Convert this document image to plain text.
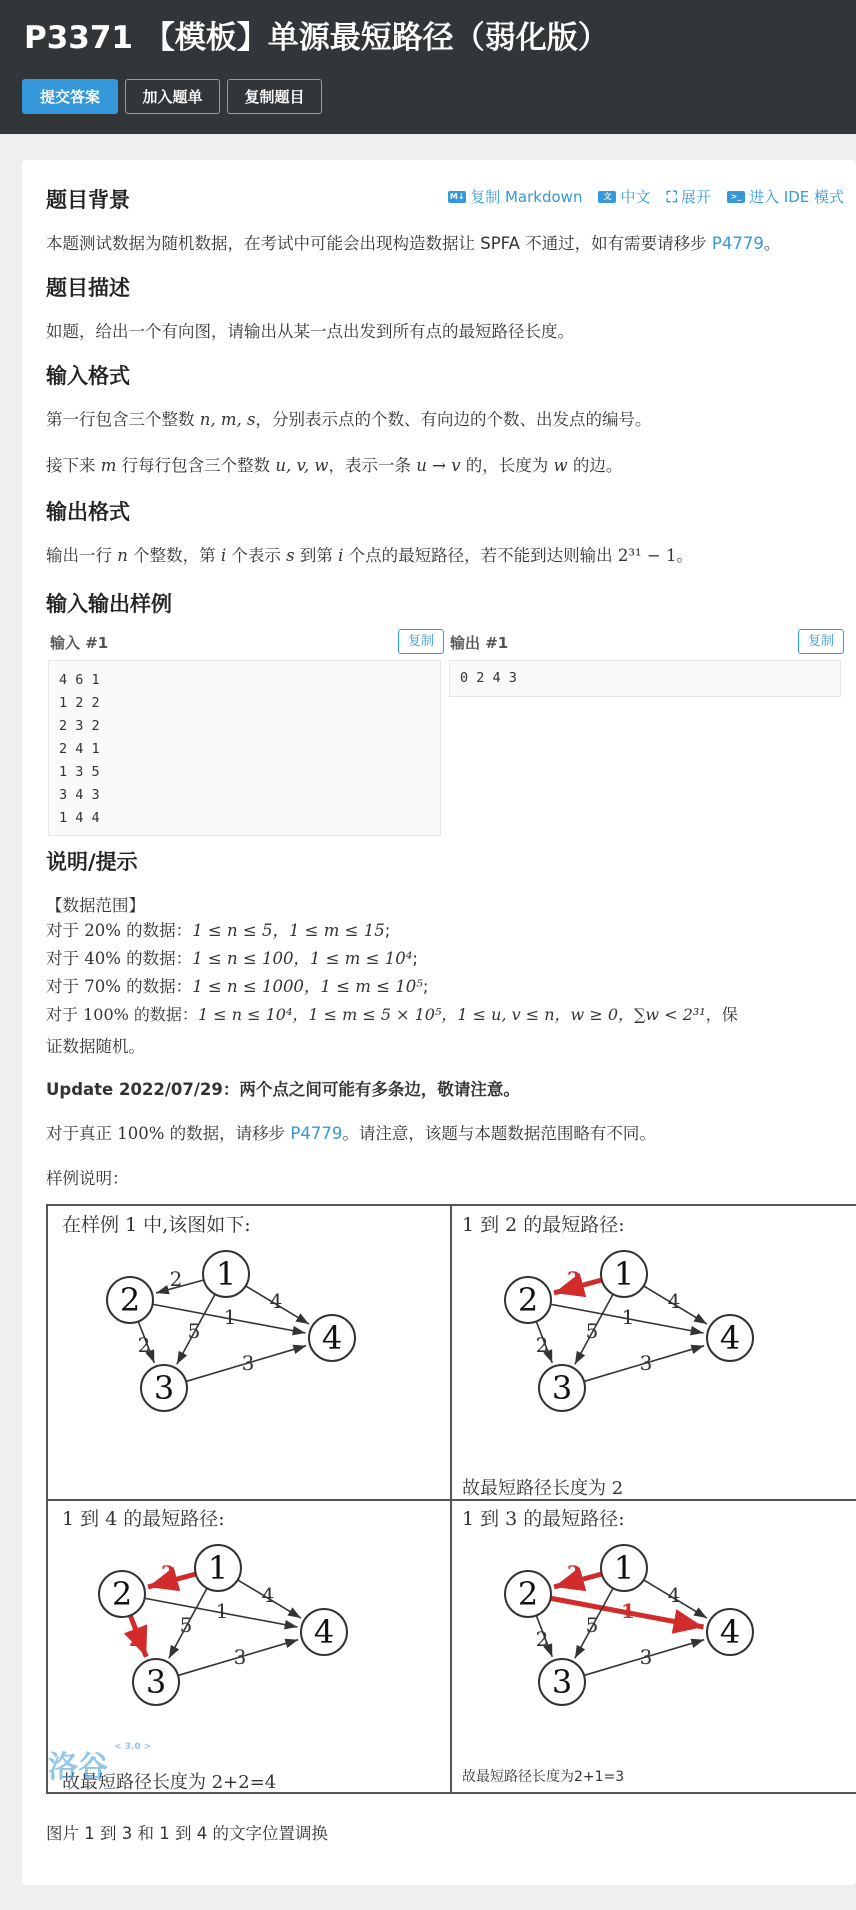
P3371 【模板】单源最短路径（弱化版）
提交答案	加入题单	复制题目
M↓ 复制 Markdown	文 中文 ⛶ 展开	>_ 进入 IDE 模式
题目背景
本题测试数据为随机数据，在考试中可能会出现构造数据让 SPFA 不通过，如有需要请移步 P4779。
题目描述
如题，给出一个有向图，请输出从某一点出发到所有点的最短路径长度。
输入格式
第一行包含三个整数 n, m, s，分别表示点的个数、有向边的个数、出发点的编号。
接下来 m 行每行包含三个整数 u, v, w，表示一条 u → v 的，长度为 w 的边。
输出格式
输出一行 n 个整数，第 i 个表示 s 到第 i 个点的最短路径，若不能到达则输出 2³¹ − 1。
输入输出样例
输入 #1	复制
4 6 1
1 2 2
2 3 2
2 4 1
1 3 5
3 4 3
1 4 4
输出 #1	复制
0 2 4 3
说明/提示
【数据范围】
对于 20% 的数据：1 ≤ n ≤ 5，1 ≤ m ≤ 15;
对于 40% 的数据：1 ≤ n ≤ 100，1 ≤ m ≤ 10⁴;
对于 70% 的数据：1 ≤ n ≤ 1000，1 ≤ m ≤ 10⁵;
对于 100% 的数据：1 ≤ n ≤ 10⁴，1 ≤ m ≤ 5 × 10⁵，1 ≤ u, v ≤ n，w ≥ 0，∑w < 2³¹，保
证数据随机。
Update 2022/07/29：两个点之间可能有多条边，敬请注意。
对于真正 100% 的数据，请移步 P4779。请注意，该题与本题数据范围略有不同。
样例说明：
在样例 1 中,该图如下:	1 到 2 的最短路径:
1 到 4 的最短路径:	1 到 3 的最短路径:
故最短路径长度为 2
故最短路径长度为 2+2=4	故最短路径长度为2+1=3
2
2
1
5
3
4
1
2
3
4
2
2
1
5
3
4
1
2
3
4
2
2
1
5
3
4
1
2
3
4
2
2
1
5
3
4
1
2
3
4
洛谷$^{< 3.0 >}$
图片 1 到 3 和 1 到 4 的文字位置调换
